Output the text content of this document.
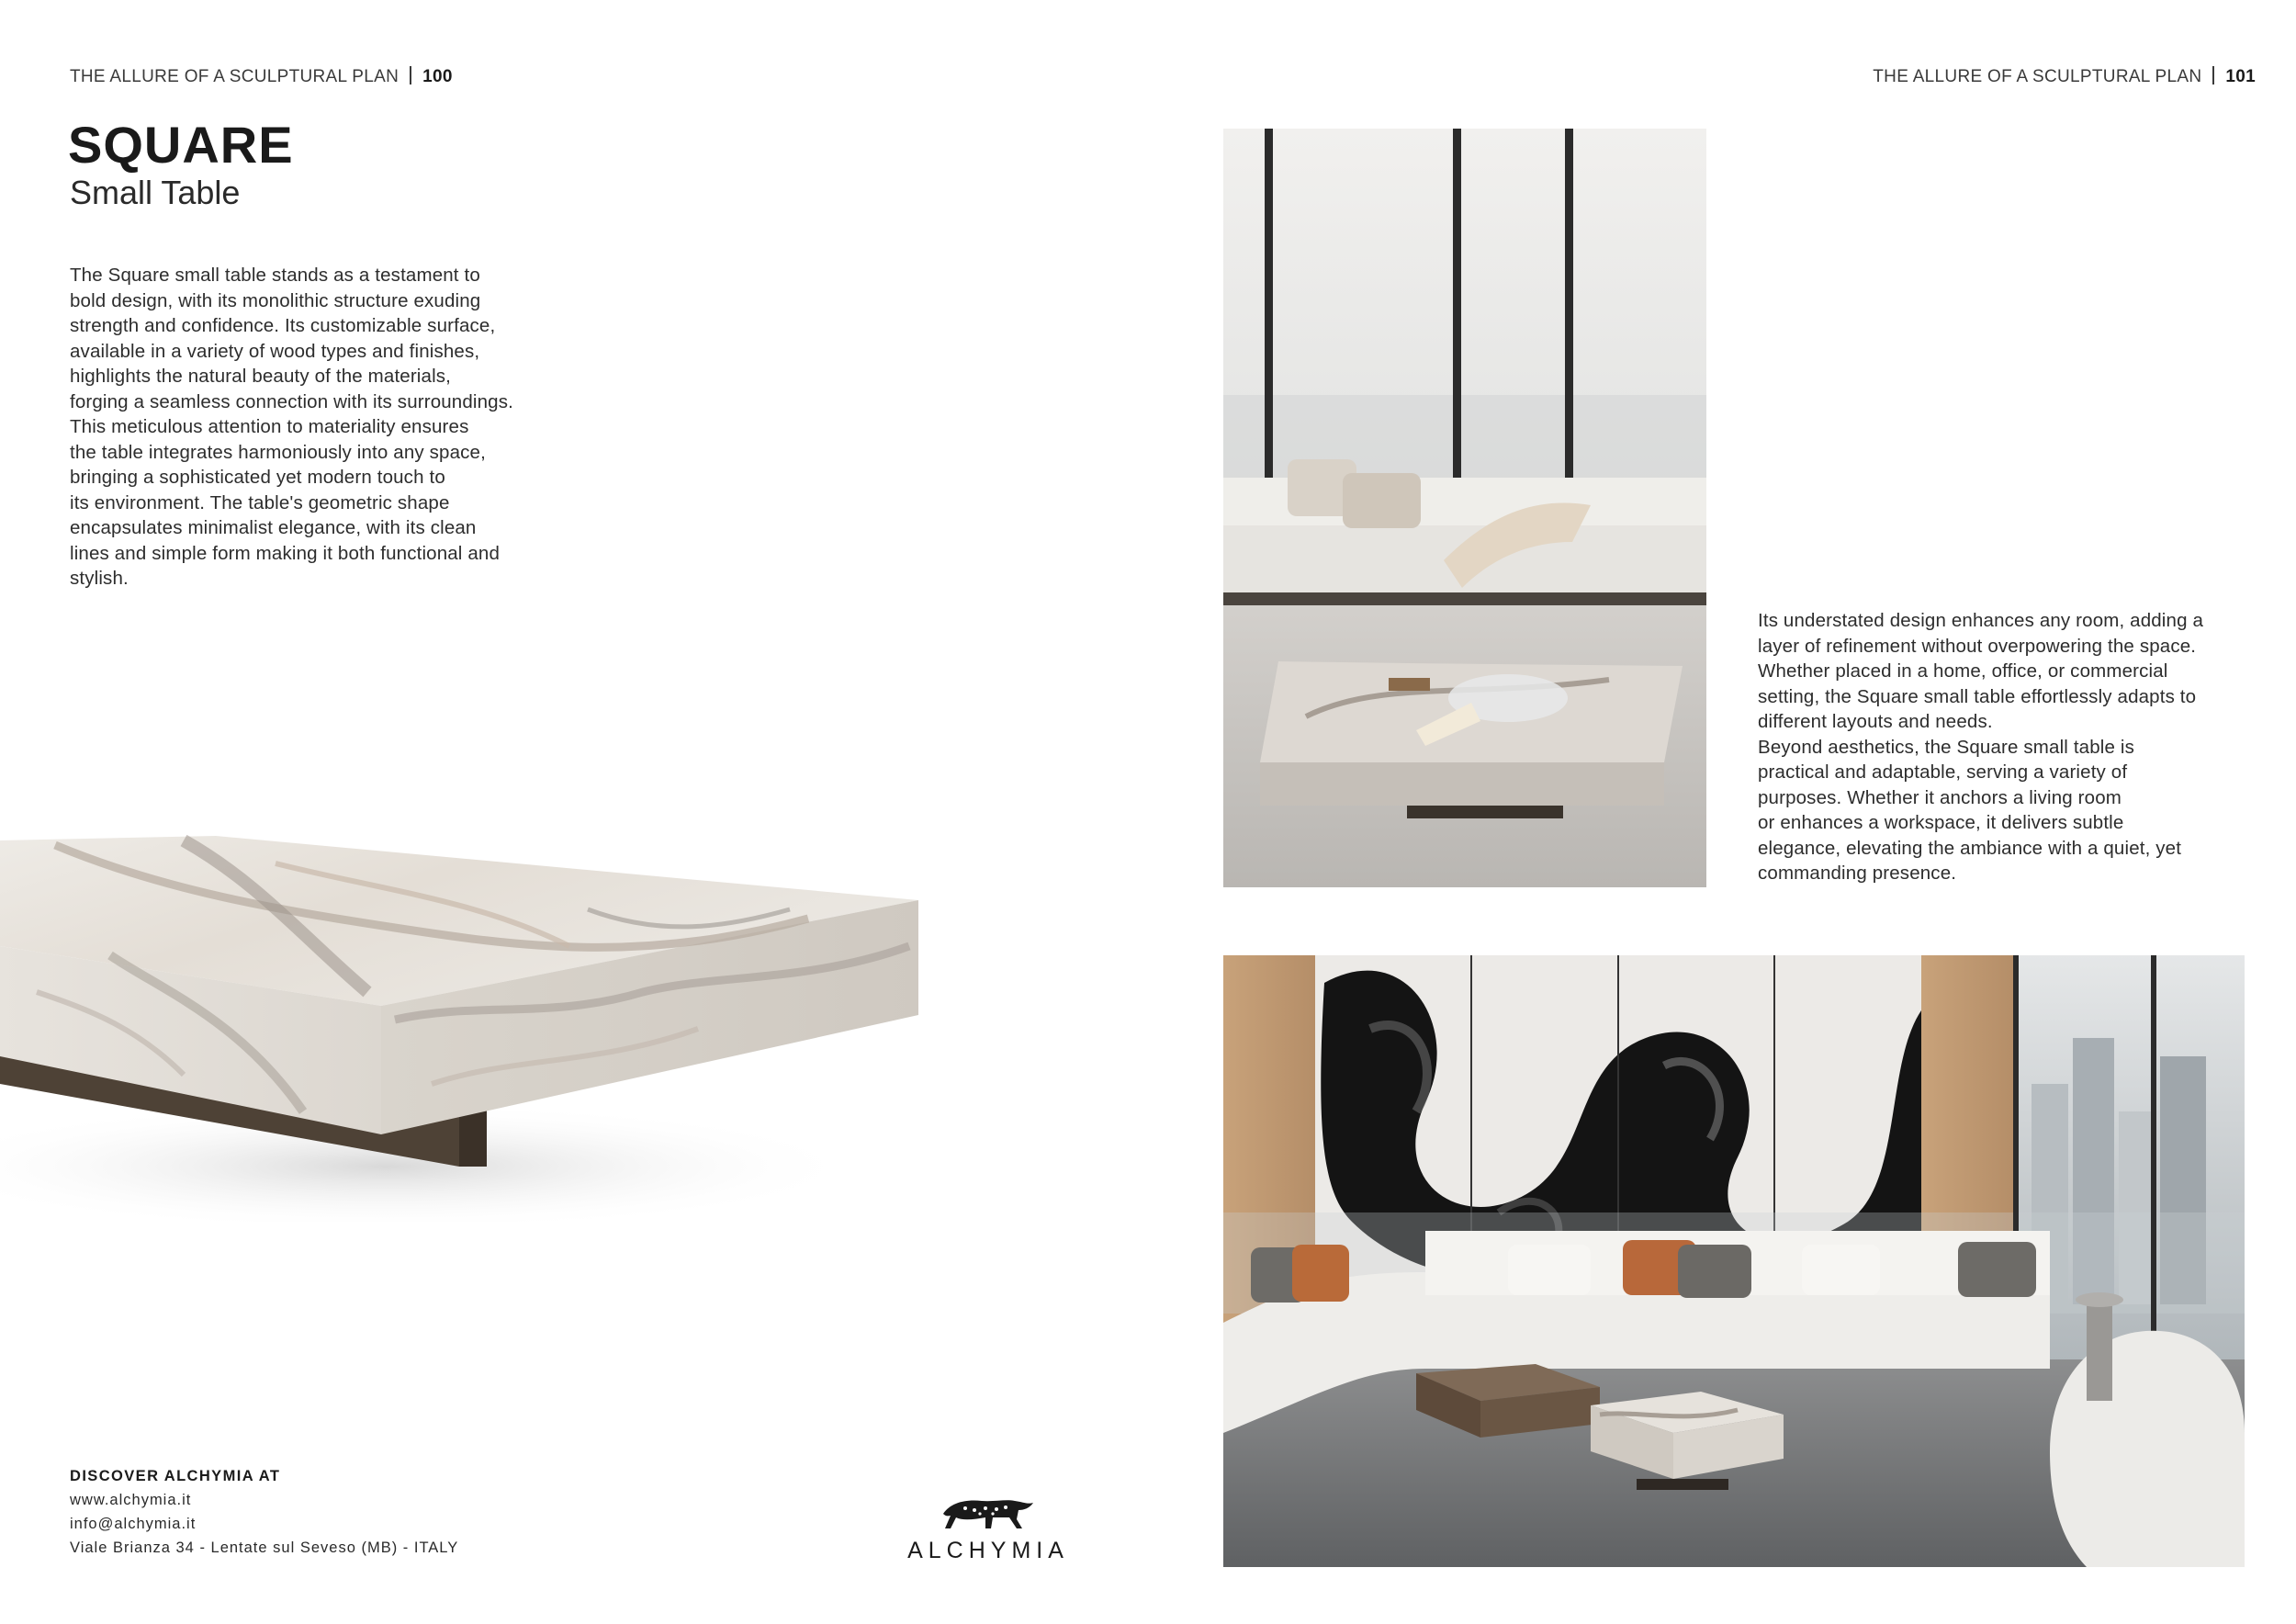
THE ALLURE OF A SCULPTURAL PLAN 100	THE ALLURE OF A SCULPTURAL PLAN 101
SQUARE
Small Table
The Square small table stands as a testament to
bold design, with its monolithic structure exuding
strength and confidence. Its customizable surface,
available in a variety of wood types and finishes,
highlights the natural beauty of the materials,
forging a seamless connection with its surroundings.
This meticulous attention to materiality ensures
the table integrates harmoniously into any space,
bringing a sophisticated yet modern touch to
its environment. The table's geometric shape
encapsulates minimalist elegance, with its clean
lines and simple form making it both functional and
stylish.
Its understated design enhances any room, adding a
layer of refinement without overpowering the space.
Whether placed in a home, office, or commercial
setting, the Square small table effortlessly adapts to
different layouts and needs.
Beyond aesthetics, the Square small table is
practical and adaptable, serving a variety of
purposes. Whether it anchors a living room
or enhances a workspace, it delivers subtle
elegance, elevating the ambiance with a quiet, yet
commanding presence.
DISCOVER ALCHYMIA AT
www.alchymia.it
info@alchymia.it
Viale Brianza 34 - Lentate sul Seveso (MB) - ITALY	ALCHYMIA
